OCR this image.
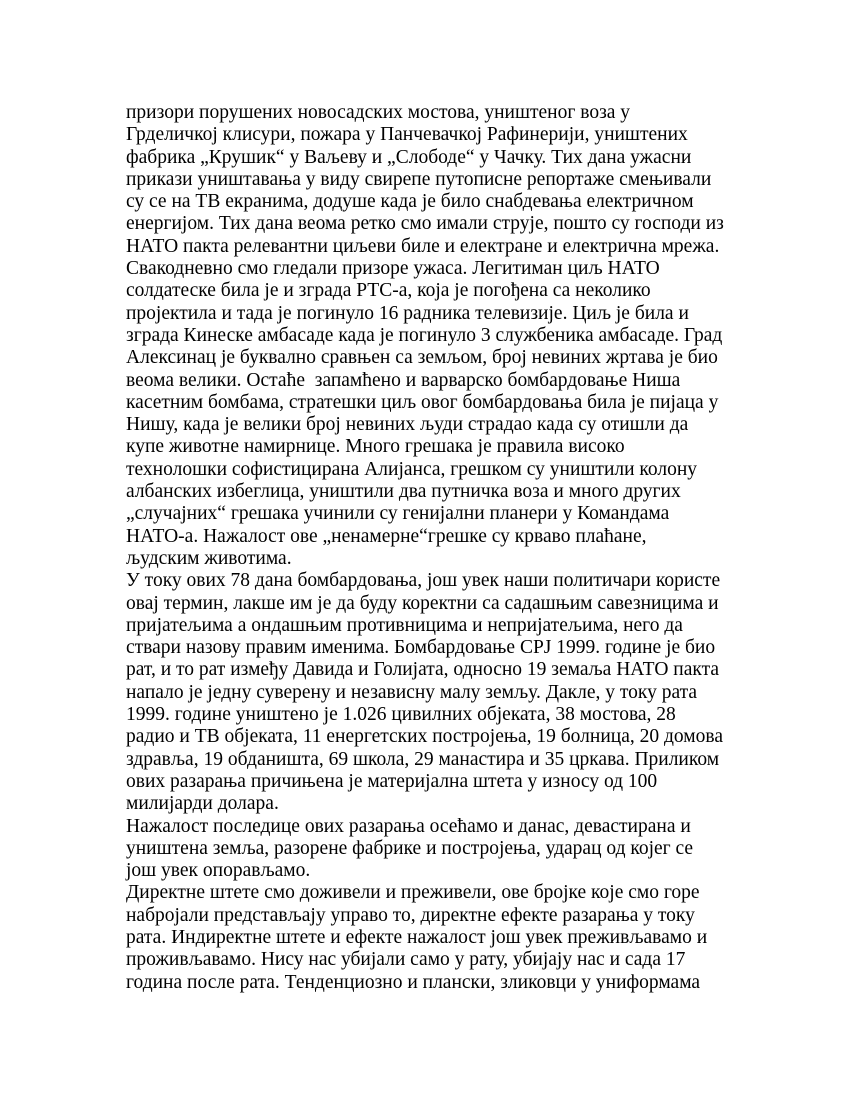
призори порушених новосадских мостова, уништеног воза у
Грделичкој клисури, пожара у Панчевачкој Рафинерији, уништених
фабрика „Крушик“ у Ваљеву и „Слободе“ у Чачку. Тих дана ужасни
прикази уништавања у виду свирепе путописне репортаже смењивали
су се на ТВ екранима, додуше када је било снабдевања електричном
енергијом. Тих дана веома ретко смо имали струје, пошто су господи из
НАТО пакта релевантни циљеви биле и електране и електрична мрежа.
Свакодневно смо гледали призоре ужаса. Легитиман циљ НАТО
солдатеске била је и зграда РТС-а, која је погођена са неколико
пројектила и тада је погинуло 16 радника телевизије. Циљ је била и
зграда Кинеске амбасаде када је погинуло 3 службеника амбасаде. Град
Алексинац је буквално сравњен са земљом, број невиних жртава је био
веома велики. Остаће  запамћено и варварско бомбардовање Ниша
касетним бомбама, стратешки циљ овог бомбардовања била је пијаца у
Нишу, када је велики број невиних људи страдао када су отишли да
купе животне намирнице. Много грешака је правила високо
технолошки софистицирана Алијанса, грешком су уништили колону
албанских избеглица, уништили два путничка воза и много других
„случајних“ грешака учинили су генијални планери у Командама
НАТО-а. Нажалост ове „ненамерне“грешке су крваво плаћане,
људским животима.
У току ових 78 дана бомбардовања, још увек наши политичари користе
овај термин, лакше им је да буду коректни са садашњим савезницима и
пријатељима а ондашњим противницима и непријатељима, него да
ствари назову правим именима. Бомбардовање СРЈ 1999. године је био
рат, и то рат између Давида и Голијата, односно 19 земаља НАТО пакта
напало је једну суверену и независну малу земљу. Дакле, у току рата
1999. године уништено је 1.026 цивилних објеката, 38 мостова, 28
радио и ТВ објеката, 11 енергетских постројења, 19 болница, 20 домова
здравља, 19 обданишта, 69 школа, 29 манастира и 35 цркава. Приликом
ових разарања причињена је материјална штета у износу од 100
милијарди долара.
Нажалост последице ових разарања осећамо и данас, девастирана и
уништена земља, разорене фабрике и постројења, ударац од којег се
још увек опорављамо.
Директне штете смо доживели и преживели, ове бројке које смо горе
набројали представљају управо то, директне ефекте разарања у току
рата. Индиректне штете и ефекте нажалост још увек преживљавамо и
проживљавамо. Нису нас убијали само у рату, убијају нас и сада 17
година после рата. Тенденциозно и плански, зликовци у униформама
